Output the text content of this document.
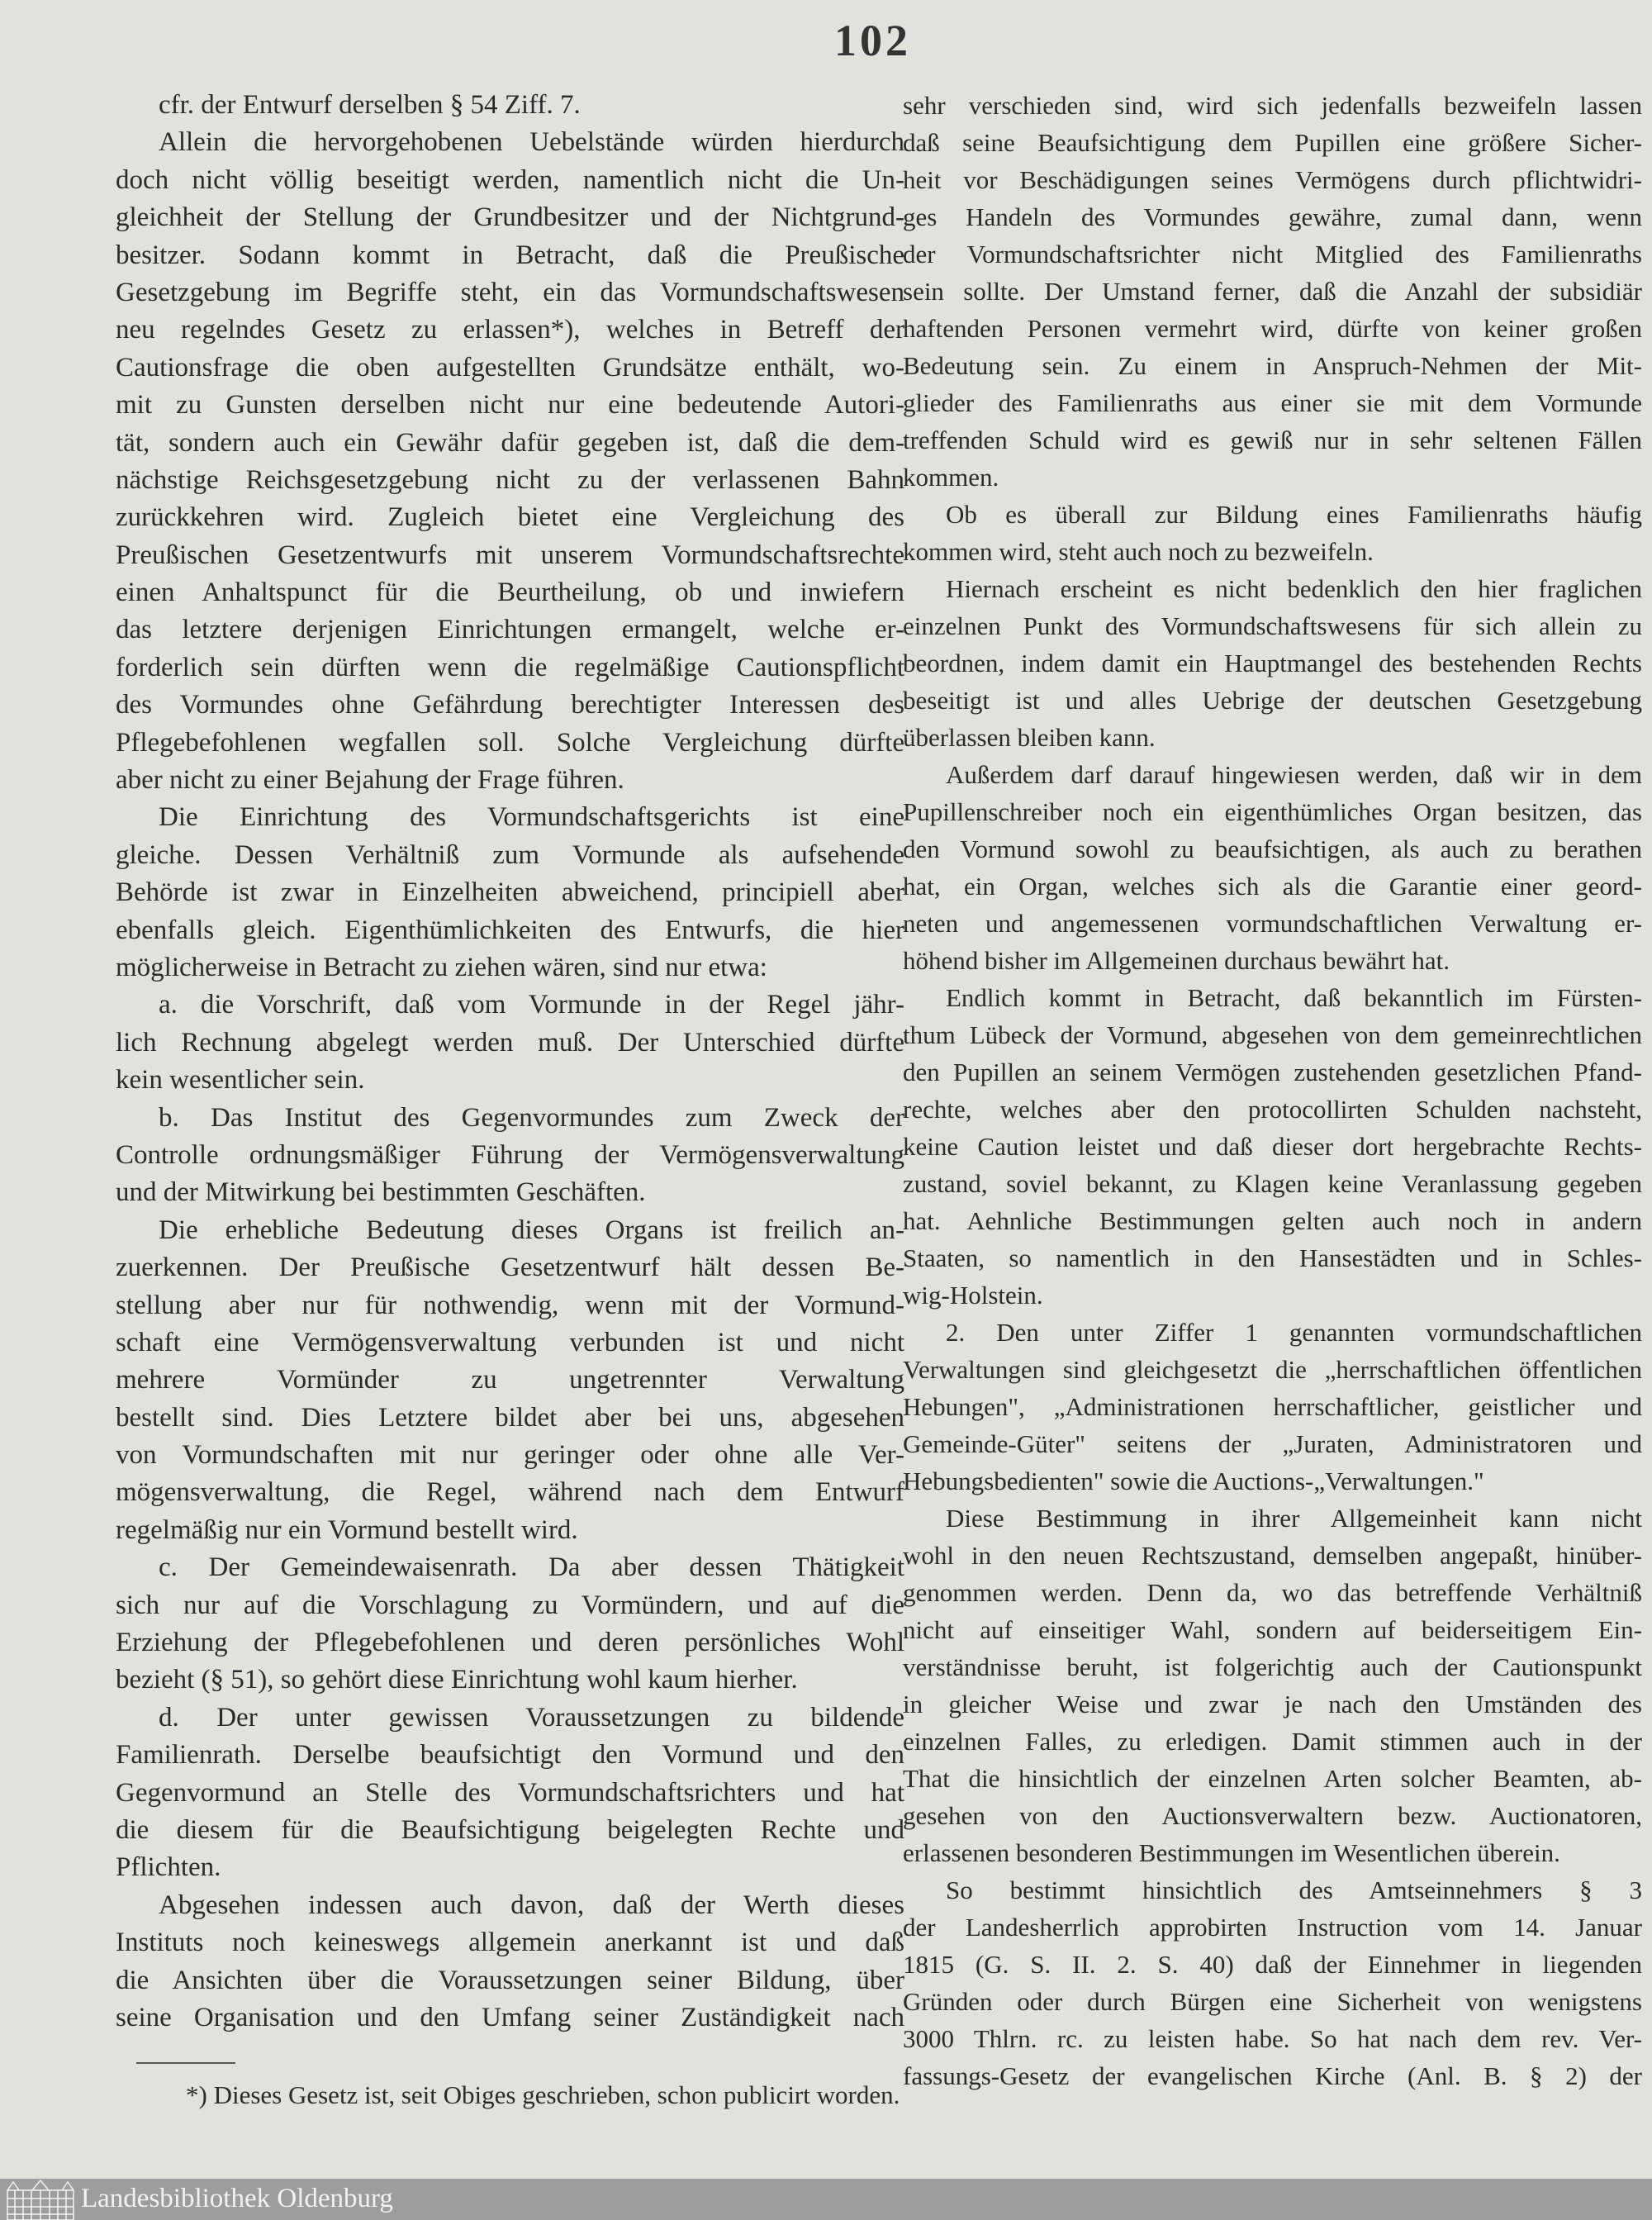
102
cfr. der Entwurf derselben § 54 Ziff. 7.
Allein die hervorgehobenen Uebelstände würden hierdurch
doch nicht völlig beseitigt werden, namentlich nicht die Un-
gleichheit der Stellung der Grundbesitzer und der Nichtgrund-
besitzer. Sodann kommt in Betracht, daß die Preußische
Gesetzgebung im Begriffe steht, ein das Vormundschaftswesen
neu regelndes Gesetz zu erlassen*), welches in Betreff der
Cautionsfrage die oben aufgestellten Grundsätze enthält, wo-
mit zu Gunsten derselben nicht nur eine bedeutende Autori-
tät, sondern auch ein Gewähr dafür gegeben ist, daß die dem-
nächstige Reichsgesetzgebung nicht zu der verlassenen Bahn
zurückkehren wird. Zugleich bietet eine Vergleichung des
Preußischen Gesetzentwurfs mit unserem Vormundschaftsrechte
einen Anhaltspunct für die Beurtheilung, ob und inwiefern
das letztere derjenigen Einrichtungen ermangelt, welche er-
forderlich sein dürften wenn die regelmäßige Cautionspflicht
des Vormundes ohne Gefährdung berechtigter Interessen des
Pflegebefohlenen wegfallen soll. Solche Vergleichung dürfte
aber nicht zu einer Bejahung der Frage führen.
Die Einrichtung des Vormundschaftsgerichts ist eine
gleiche. Dessen Verhältniß zum Vormunde als aufsehende
Behörde ist zwar in Einzelheiten abweichend, principiell aber
ebenfalls gleich. Eigenthümlichkeiten des Entwurfs, die hier
möglicherweise in Betracht zu ziehen wären, sind nur etwa:
a. die Vorschrift, daß vom Vormunde in der Regel jähr-
lich Rechnung abgelegt werden muß. Der Unterschied dürfte
kein wesentlicher sein.
b. Das Institut des Gegenvormundes zum Zweck der
Controlle ordnungsmäßiger Führung der Vermögensverwaltung
und der Mitwirkung bei bestimmten Geschäften.
Die erhebliche Bedeutung dieses Organs ist freilich an-
zuerkennen. Der Preußische Gesetzentwurf hält dessen Be-
stellung aber nur für nothwendig, wenn mit der Vormund-
schaft eine Vermögensverwaltung verbunden ist und nicht
mehrere Vormünder zu ungetrennter Verwaltung
bestellt sind. Dies Letztere bildet aber bei uns, abgesehen
von Vormundschaften mit nur geringer oder ohne alle Ver-
mögensverwaltung, die Regel, während nach dem Entwurf
regelmäßig nur ein Vormund bestellt wird.
c. Der Gemeindewaisenrath. Da aber dessen Thätigkeit
sich nur auf die Vorschlagung zu Vormündern, und auf die
Erziehung der Pflegebefohlenen und deren persönliches Wohl
bezieht (§ 51), so gehört diese Einrichtung wohl kaum hierher.
d. Der unter gewissen Voraussetzungen zu bildende
Familienrath. Derselbe beaufsichtigt den Vormund und den
Gegenvormund an Stelle des Vormundschaftsrichters und hat
die diesem für die Beaufsichtigung beigelegten Rechte und
Pflichten.
Abgesehen indessen auch davon, daß der Werth dieses
Instituts noch keineswegs allgemein anerkannt ist und daß
die Ansichten über die Voraussetzungen seiner Bildung, über
seine Organisation und den Umfang seiner Zuständigkeit nach
sehr verschieden sind, wird sich jedenfalls bezweifeln lassen
daß seine Beaufsichtigung dem Pupillen eine größere Sicher-
heit vor Beschädigungen seines Vermögens durch pflichtwidri-
ges Handeln des Vormundes gewähre, zumal dann, wenn
der Vormundschaftsrichter nicht Mitglied des Familienraths
sein sollte. Der Umstand ferner, daß die Anzahl der subsidiär
haftenden Personen vermehrt wird, dürfte von keiner großen
Bedeutung sein. Zu einem in Anspruch-Nehmen der Mit-
glieder des Familienraths aus einer sie mit dem Vormunde
treffenden Schuld wird es gewiß nur in sehr seltenen Fällen
kommen.
Ob es überall zur Bildung eines Familienraths häufig
kommen wird, steht auch noch zu bezweifeln.
Hiernach erscheint es nicht bedenklich den hier fraglichen
einzelnen Punkt des Vormundschaftswesens für sich allein zu
beordnen, indem damit ein Hauptmangel des bestehenden Rechts
beseitigt ist und alles Uebrige der deutschen Gesetzgebung
überlassen bleiben kann.
Außerdem darf darauf hingewiesen werden, daß wir in dem
Pupillenschreiber noch ein eigenthümliches Organ besitzen, das
den Vormund sowohl zu beaufsichtigen, als auch zu berathen
hat, ein Organ, welches sich als die Garantie einer geord-
neten und angemessenen vormundschaftlichen Verwaltung er-
höhend bisher im Allgemeinen durchaus bewährt hat.
Endlich kommt in Betracht, daß bekanntlich im Fürsten-
thum Lübeck der Vormund, abgesehen von dem gemeinrechtlichen
den Pupillen an seinem Vermögen zustehenden gesetzlichen Pfand-
rechte, welches aber den protocollirten Schulden nachsteht,
keine Caution leistet und daß dieser dort hergebrachte Rechts-
zustand, soviel bekannt, zu Klagen keine Veranlassung gegeben
hat. Aehnliche Bestimmungen gelten auch noch in andern
Staaten, so namentlich in den Hansestädten und in Schles-
wig-Holstein.
2. Den unter Ziffer 1 genannten vormundschaftlichen
Verwaltungen sind gleichgesetzt die „herrschaftlichen öffentlichen
Hebungen", „Administrationen herrschaftlicher, geistlicher und
Gemeinde-Güter" seitens der „Juraten, Administratoren und
Hebungsbedienten" sowie die Auctions-„Verwaltungen."
Diese Bestimmung in ihrer Allgemeinheit kann nicht
wohl in den neuen Rechtszustand, demselben angepaßt, hinüber-
genommen werden. Denn da, wo das betreffende Verhältniß
nicht auf einseitiger Wahl, sondern auf beiderseitigem Ein-
verständnisse beruht, ist folgerichtig auch der Cautionspunkt
in gleicher Weise und zwar je nach den Umständen des
einzelnen Falles, zu erledigen. Damit stimmen auch in der
That die hinsichtlich der einzelnen Arten solcher Beamten, ab-
gesehen von den Auctionsverwaltern bezw. Auctionatoren,
erlassenen besonderen Bestimmungen im Wesentlichen überein.
So bestimmt hinsichtlich des Amtseinnehmers § 3
der Landesherrlich approbirten Instruction vom 14. Januar
1815 (G. S. II. 2. S. 40) daß der Einnehmer in liegenden
Gründen oder durch Bürgen eine Sicherheit von wenigstens
3000 Thlrn. rc. zu leisten habe. So hat nach dem rev. Ver-
fassungs-Gesetz der evangelischen Kirche (Anl. B. § 2) der
*) Dieses Gesetz ist, seit Obiges geschrieben, schon publicirt worden.
Landesbibliothek Oldenburg
